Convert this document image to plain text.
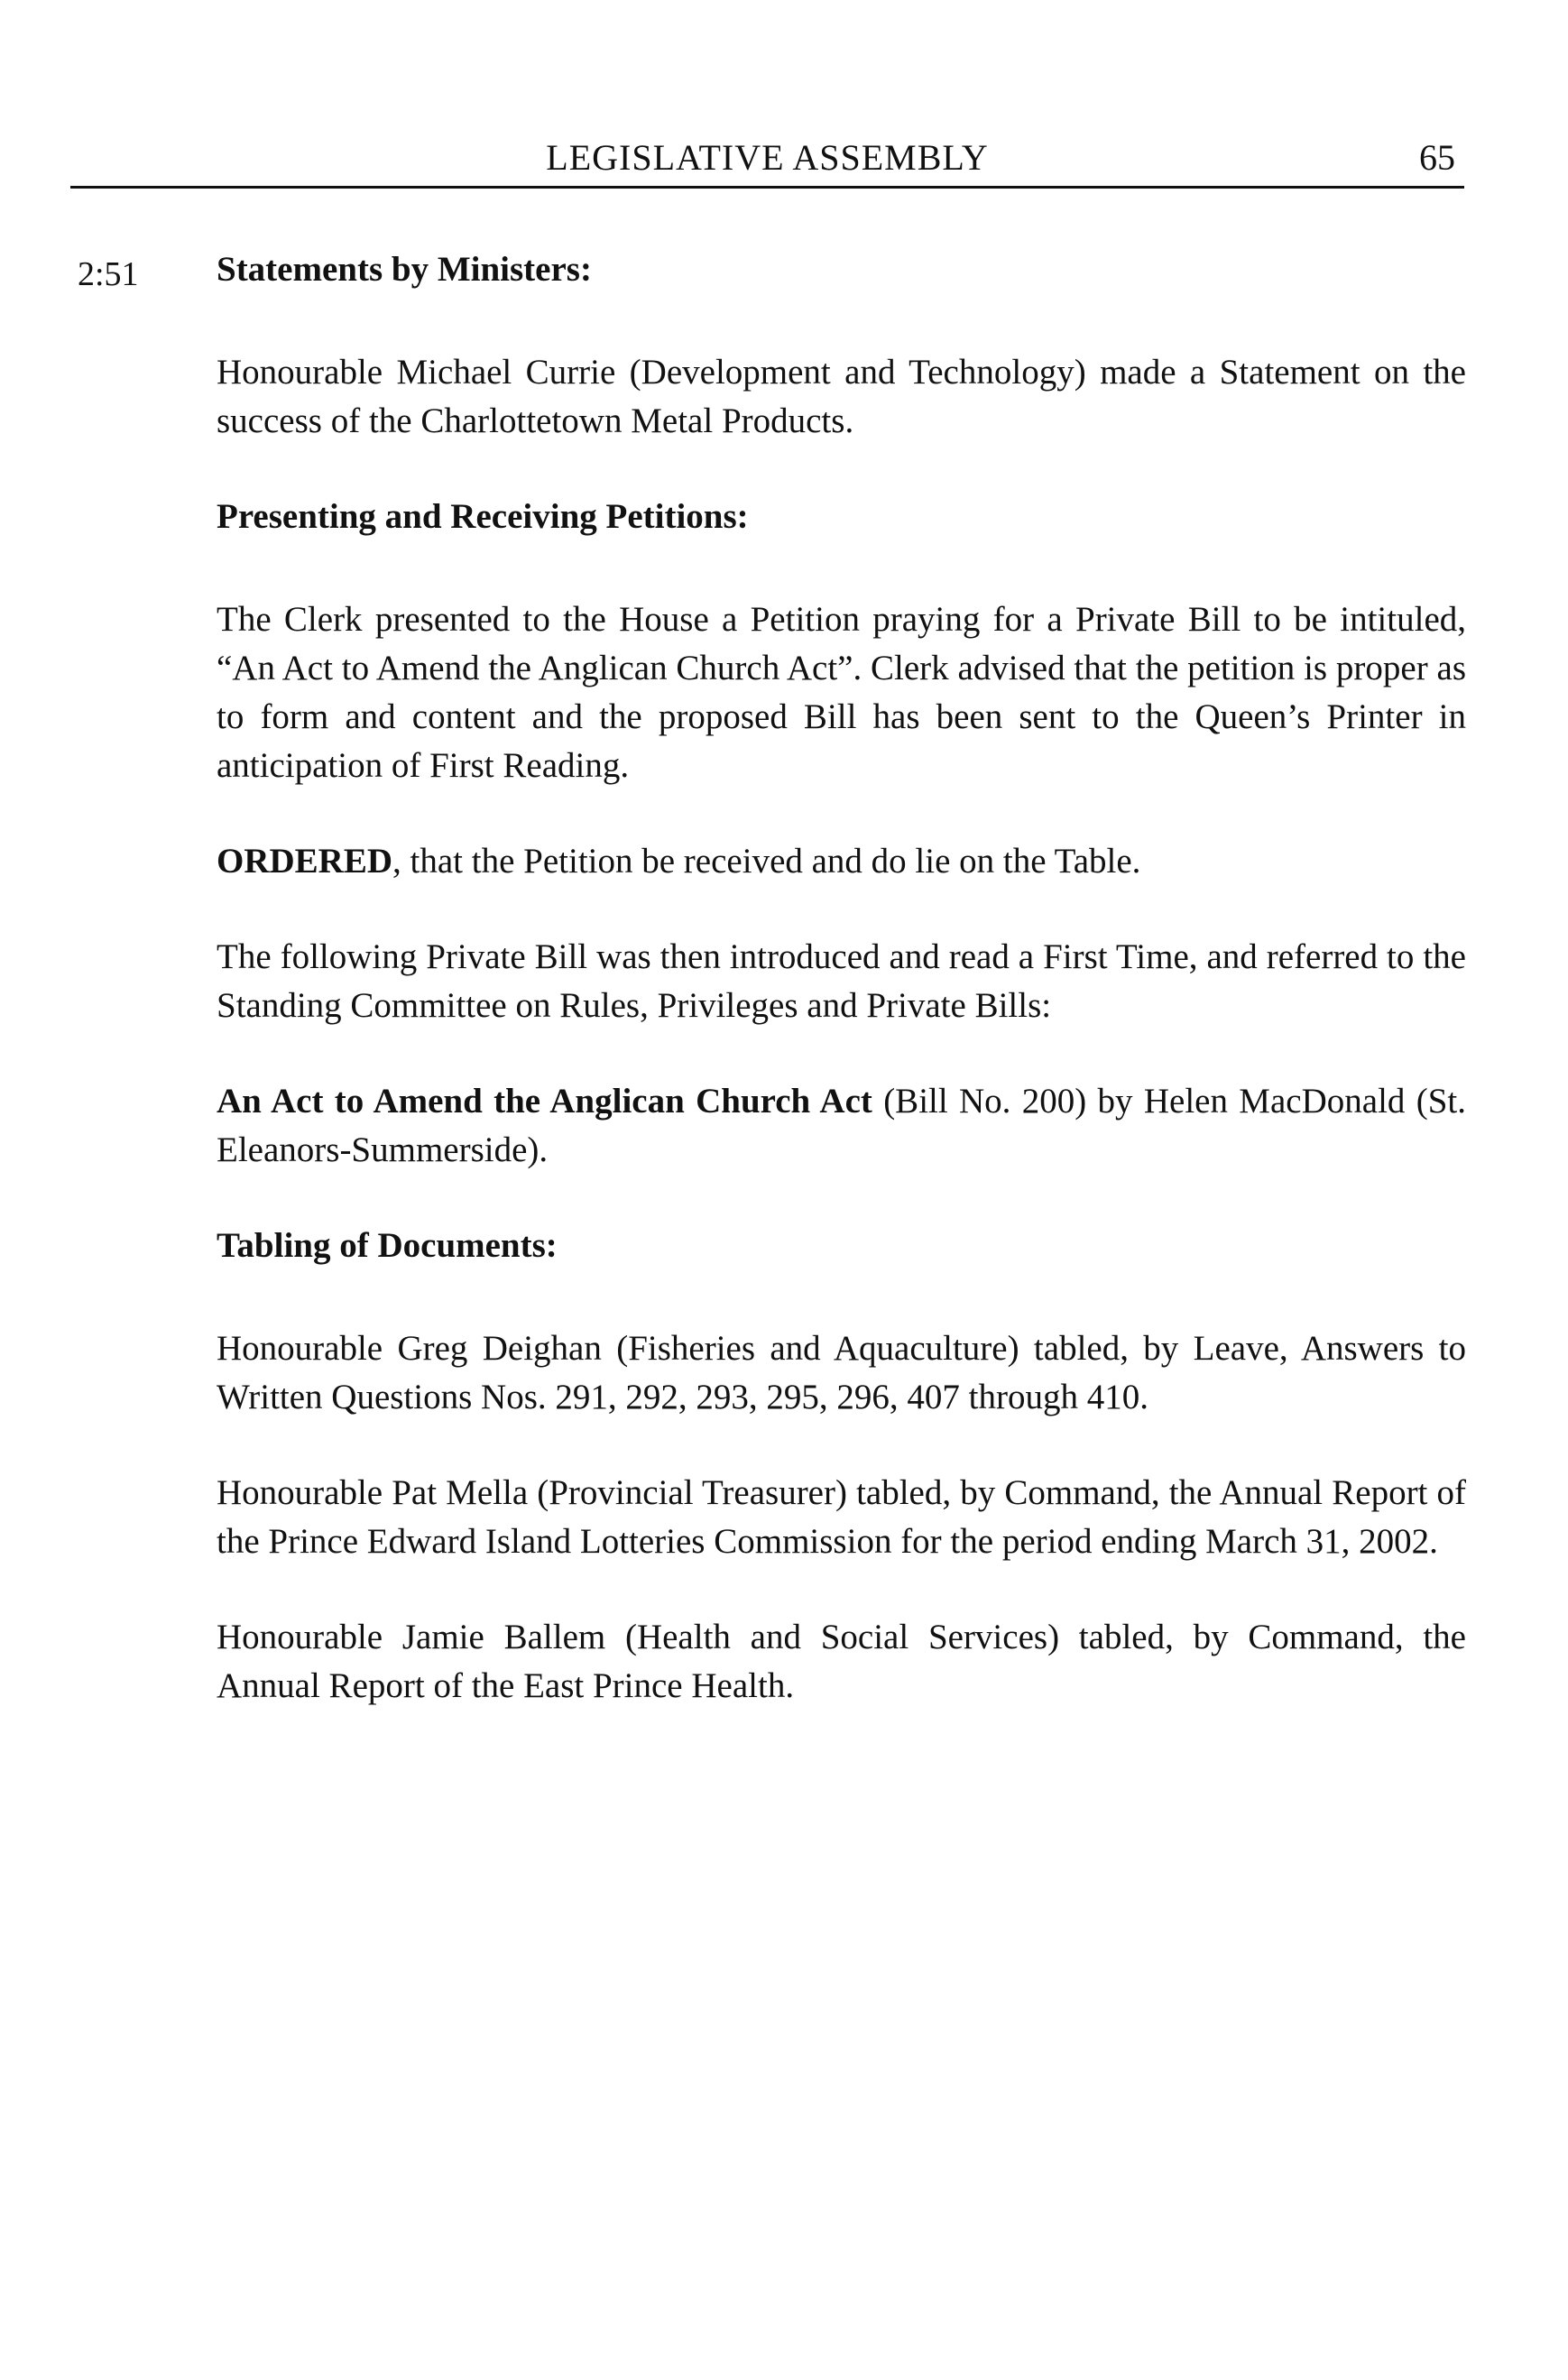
LEGISLATIVE ASSEMBLY	65
2:51 Statements by Ministers:

Honourable Michael Currie (Development and Technology) made a Statement on the success of the Charlottetown Metal Products.

Presenting and Receiving Petitions:

The Clerk presented to the House a Petition praying for a Private Bill to be intituled, “An Act to Amend the Anglican Church Act”. Clerk advised that the petition is proper as to form and content and the proposed Bill has been sent to the Queen’s Printer in anticipation of First Reading.

ORDERED, that the Petition be received and do lie on the Table.

The following Private Bill was then introduced and read a First Time, and referred to the Standing Committee on Rules, Privileges and Private Bills:

An Act to Amend the Anglican Church Act (Bill No. 200) by Helen MacDonald (St. Eleanors-Summerside).

Tabling of Documents:

Honourable Greg Deighan (Fisheries and Aquaculture) tabled, by Leave, Answers to Written Questions Nos. 291, 292, 293, 295, 296, 407 through 410.

Honourable Pat Mella (Provincial Treasurer) tabled, by Command, the Annual Report of the Prince Edward Island Lotteries Commission for the period ending March 31, 2002.

Honourable Jamie Ballem (Health and Social Services) tabled, by Command, the Annual Report of the East Prince Health.
